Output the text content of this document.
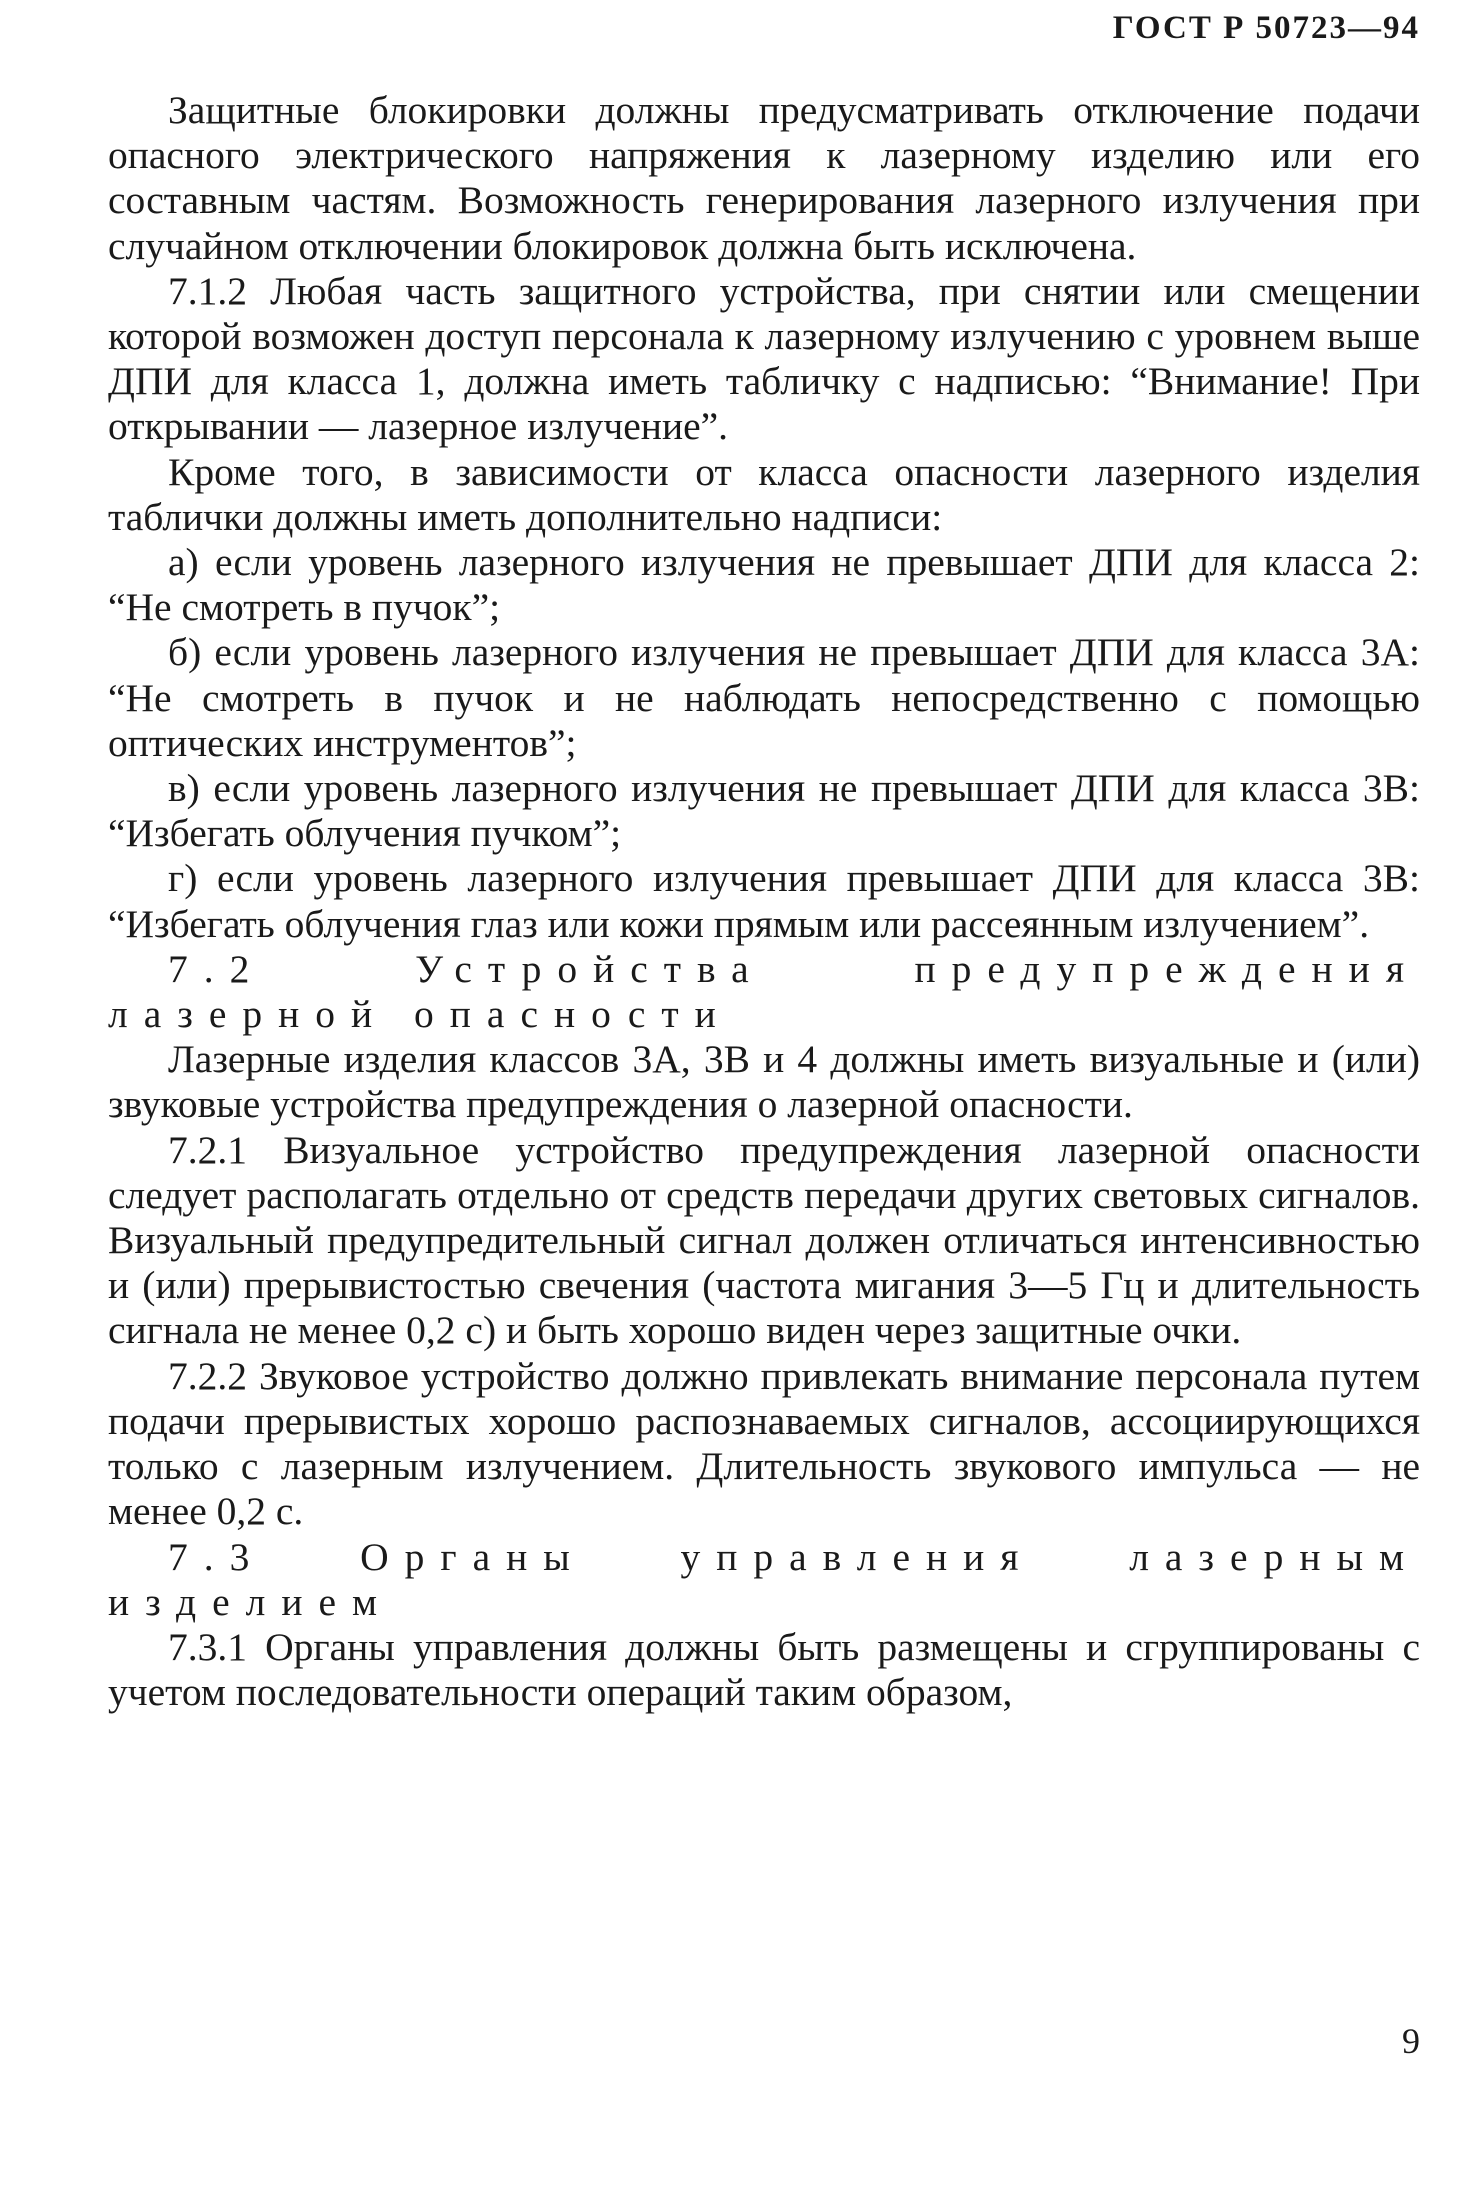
ГОСТ Р 50723—94

Защитные блокировки должны предусматривать отключение подачи опасного электрического напряжения к лазерному изделию или его составным частям. Возможность генерирования лазерного излучения при случайном отключении блокировок должна быть исключена.

7.1.2 Любая часть защитного устройства, при снятии или смещении которой возможен доступ персонала к лазерному излучению с уровнем выше ДПИ для класса 1, должна иметь табличку с надписью: “Внимание! При открывании — лазерное излучение”.

Кроме того, в зависимости от класса опасности лазерного изделия таблички должны иметь дополнительно надписи:

а) если уровень лазерного излучения не превышает ДПИ для класса 2: “Не смотреть в пучок”;

б) если уровень лазерного излучения не превышает ДПИ для класса 3А: “Не смотреть в пучок и не наблюдать непосредственно с помощью оптических инструментов”;

в) если уровень лазерного излучения не превышает ДПИ для класса 3В: “Избегать облучения пучком”;

г) если уровень лазерного излучения превышает ДПИ для класса 3В: “Избегать облучения глаз или кожи прямым или рассеянным излучением”.

7.2 Устройства предупреждения лазерной опасности

Лазерные изделия классов 3А, 3В и 4 должны иметь визуальные и (или) звуковые устройства предупреждения о лазерной опасности.

7.2.1 Визуальное устройство предупреждения лазерной опасности следует располагать отдельно от средств передачи других световых сигналов. Визуальный предупредительный сигнал должен отличаться интенсивностью и (или) прерывистостью свечения (частота мигания 3—5 Гц и длительность сигнала не менее 0,2 с) и быть хорошо виден через защитные очки.

7.2.2 Звуковое устройство должно привлекать внимание персонала путем подачи прерывистых хорошо распознаваемых сигналов, ассоциирующихся только с лазерным излучением. Длительность звукового импульса — не менее 0,2 с.

7.3 Органы управления лазерным изделием

7.3.1 Органы управления должны быть размещены и сгруппированы с учетом последовательности операций таким образом,

9
